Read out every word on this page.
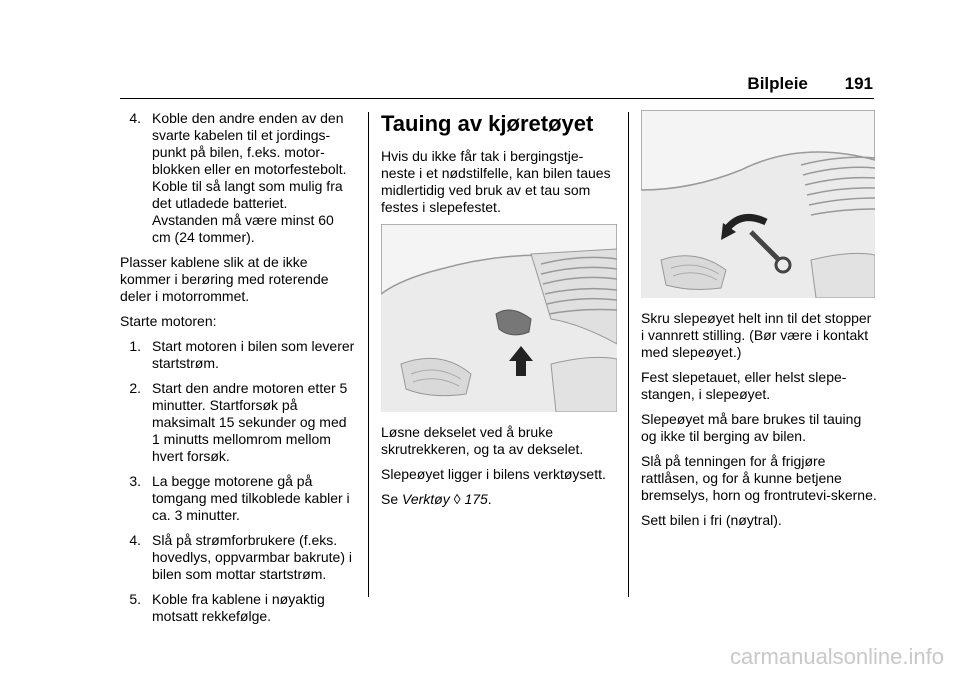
Bilpleie 191
4. Koble den andre enden av den svarte kabelen til et jordings-punkt på bilen, f.eks. motor-blokken eller en motorfestebolt. Koble til så langt som mulig fra det utladede batteriet. Avstanden må være minst 60 cm (24 tommer).

Plasser kablene slik at de ikke kommer i berøring med roterende deler i motorrommet.

Starte motoren:

1. Start motoren i bilen som leverer startstrøm.
2. Start den andre motoren etter 5 minutter. Startforsøk på maksimalt 15 sekunder og med 1 minutts mellomrom mellom hvert forsøk.
3. La begge motorene gå på tomgang med tilkoblede kabler i ca. 3 minutter.
4. Slå på strømforbrukere (f.eks. hovedlys, oppvarmbar bakrute) i bilen som mottar startstrøm.
5. Koble fra kablene i nøyaktig motsatt rekkefølge.
Tauing av kjøretøyet

Hvis du ikke får tak i bergingstje-neste i et nødstilfelle, kan bilen taues midlertidig ved bruk av et tau som festes i slepefestet.

Løsne dekselet ved å bruke skrutrekkeren, og ta av dekselet.

Slepeøyet ligger i bilens verktøysett.

Se Verktøy ◊ 175.

Skru slepeøyet helt inn til det stopper i vannrett stilling. (Bør være i kontakt med slepeøyet.)

Fest slepetauet, eller helst slepe-stangen, i slepeøyet.

Slepeøyet må bare brukes til tauing og ikke til berging av bilen.

Slå på tenningen for å frigjøre rattlåsen, og for å kunne betjene bremselys, horn og frontrutevi-skerne.

Sett bilen i fri (nøytral).

carmanualsonline.info
